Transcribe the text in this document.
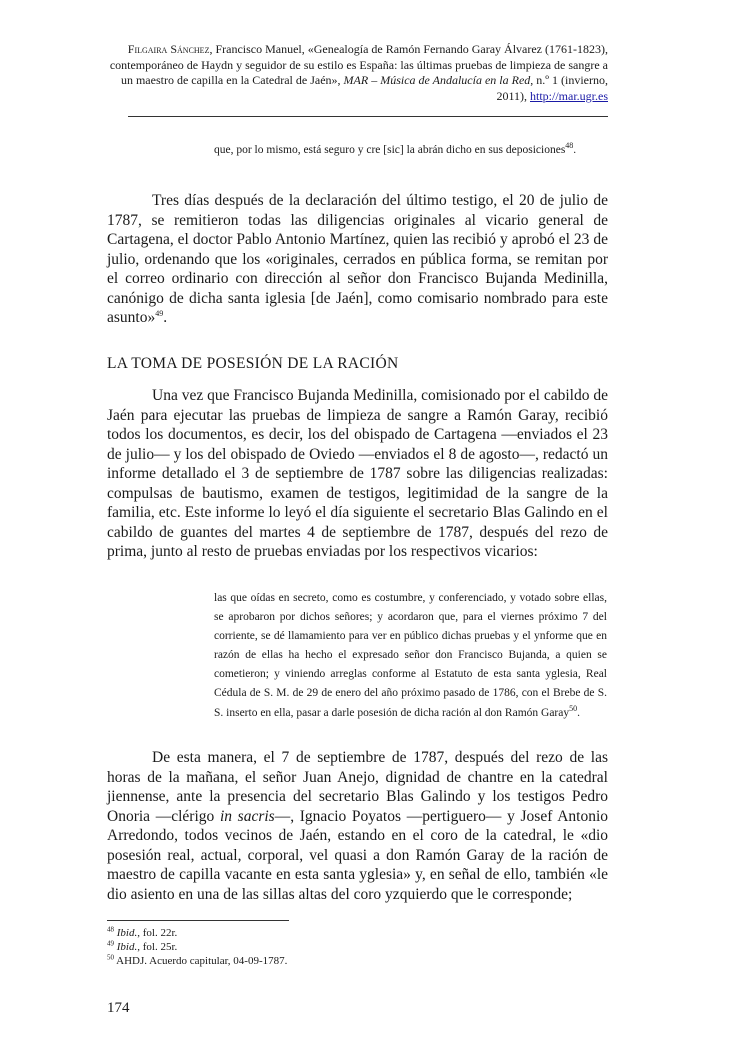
Filgaira Sánchez, Francisco Manuel, «Genealogía de Ramón Fernando Garay Álvarez (1761-1823), contemporáneo de Haydn y seguidor de su estilo es España: las últimas pruebas de limpieza de sangre a un maestro de capilla en la Catedral de Jaén», MAR – Música de Andalucía en la Red, n.º 1 (invierno, 2011), http://mar.ugr.es
que, por lo mismo, está seguro y cre [sic] la abrán dicho en sus deposiciones$^{48}$.
Tres días después de la declaración del último testigo, el 20 de julio de 1787, se remitieron todas las diligencias originales al vicario general de Cartagena, el doctor Pablo Antonio Martínez, quien las recibió y aprobó el 23 de julio, ordenando que los «originales, cerrados en pública forma, se remitan por el correo ordinario con dirección al señor don Francisco Bujanda Medinilla, canónigo de dicha santa iglesia [de Jaén], como comisario nombrado para este asunto»$^{49}$.
LA TOMA DE POSESIÓN DE LA RACIÓN
Una vez que Francisco Bujanda Medinilla, comisionado por el cabildo de Jaén para ejecutar las pruebas de limpieza de sangre a Ramón Garay, recibió todos los documentos, es decir, los del obispado de Cartagena —enviados el 23 de julio— y los del obispado de Oviedo —enviados el 8 de agosto—, redactó un informe detallado el 3 de septiembre de 1787 sobre las diligencias realizadas: compulsas de bautismo, examen de testigos, legitimidad de la sangre de la familia, etc. Este informe lo leyó el día siguiente el secretario Blas Galindo en el cabildo de guantes del martes 4 de septiembre de 1787, después del rezo de prima, junto al resto de pruebas enviadas por los respectivos vicarios:
las que oídas en secreto, como es costumbre, y conferenciado, y votado sobre ellas, se aprobaron por dichos señores; y acordaron que, para el viernes próximo 7 del corriente, se dé llamamiento para ver en público dichas pruebas y el ynforme que en razón de ellas ha hecho el expresado señor don Francisco Bujanda, a quien se cometieron; y viniendo arreglas conforme al Estatuto de esta santa yglesia, Real Cédula de S. M. de 29 de enero del año próximo pasado de 1786, con el Brebe de S. S. inserto en ella, pasar a darle posesión de dicha ración al don Ramón Garay$^{50}$.
De esta manera, el 7 de septiembre de 1787, después del rezo de las horas de la mañana, el señor Juan Anejo, dignidad de chantre en la catedral jiennense, ante la presencia del secretario Blas Galindo y los testigos Pedro Onoria —clérigo in sacris—, Ignacio Poyatos —pertiguero— y Josef Antonio Arredondo, todos vecinos de Jaén, estando en el coro de la catedral, le «dio posesión real, actual, corporal, vel quasi a don Ramón Garay de la ración de maestro de capilla vacante en esta santa yglesia» y, en señal de ello, también «le dio asiento en una de las sillas altas del coro yzquierdo que le corresponde;
$^{48}$ Ibid., fol. 22r.
$^{49}$ Ibid., fol. 25r.
$^{50}$ AHDJ. Acuerdo capitular, 04-09-1787.
174
